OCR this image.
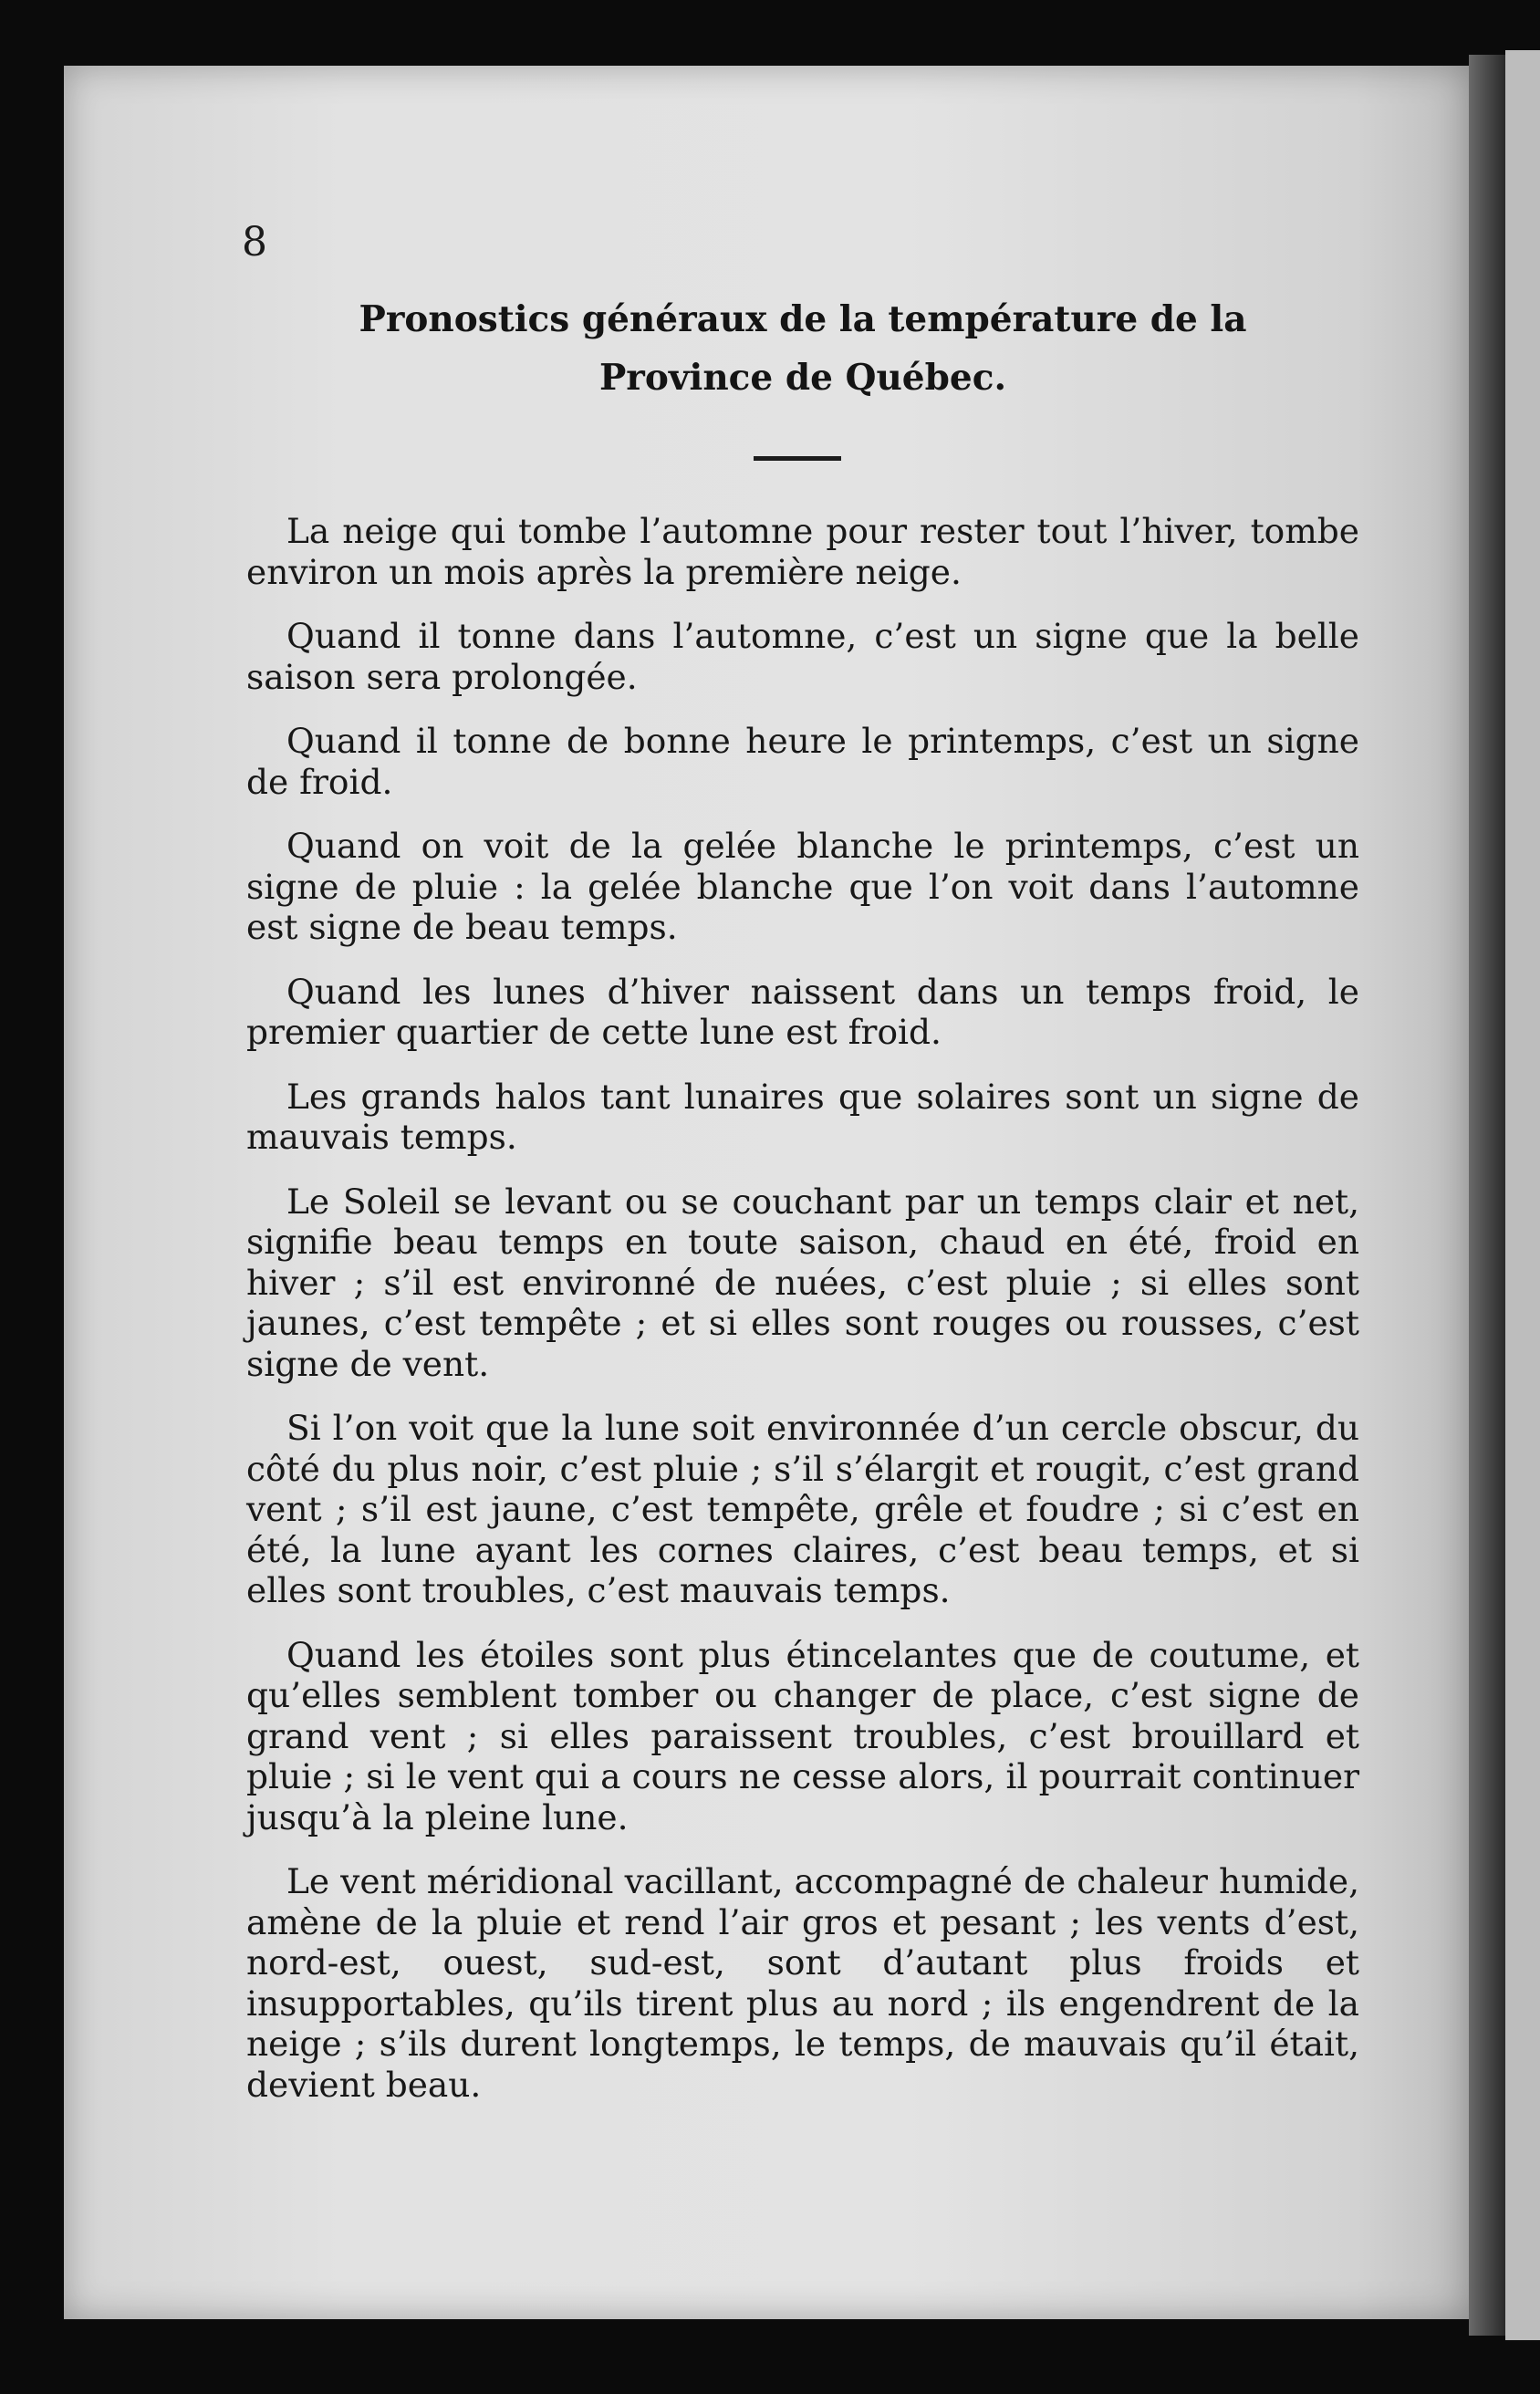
8
Pronostics généraux de la température de la
Province de Québec.

La neige qui tombe l’automne pour rester tout l’hiver, tombe environ un mois après la première neige.

Quand il tonne dans l’automne, c’est un signe que la belle saison sera prolongée.

Quand il tonne de bonne heure le printemps, c’est un signe de froid.

Quand on voit de la gelée blanche le printemps, c’est un signe de pluie : la gelée blanche que l’on voit dans l’automne est signe de beau temps.

Quand les lunes d’hiver naissent dans un temps froid, le premier quartier de cette lune est froid.

Les grands halos tant lunaires que solaires sont un signe de mauvais temps.

Le Soleil se levant ou se couchant par un temps clair et net, signifie beau temps en toute saison, chaud en été, froid en hiver ; s’il est environné de nuées, c’est pluie ; si elles sont jaunes, c’est tempête ; et si elles sont rouges ou rousses, c’est signe de vent.

Si l’on voit que la lune soit environnée d’un cercle obscur, du côté du plus noir, c’est pluie ; s’il s’élargit et rougit, c’est grand vent ; s’il est jaune, c’est tempête, grêle et foudre ; si c’est en été, la lune ayant les cornes claires, c’est beau temps, et si elles sont troubles, c’est mauvais temps.

Quand les étoiles sont plus étincelantes que de coutume, et qu’elles semblent tomber ou changer de place, c’est signe de grand vent ; si elles paraissent troubles, c’est brouillard et pluie ; si le vent qui a cours ne cesse alors, il pourrait continuer jusqu’à la pleine lune.

Le vent méridional vacillant, accompagné de chaleur humide, amène de la pluie et rend l’air gros et pesant ; les vents d’est, nord-est, ouest, sud-est, sont d’autant plus froids et insupportables, qu’ils tirent plus au nord ; ils engendrent de la neige ; s’ils durent longtemps, le temps, de mauvais qu’il était, devient beau.
